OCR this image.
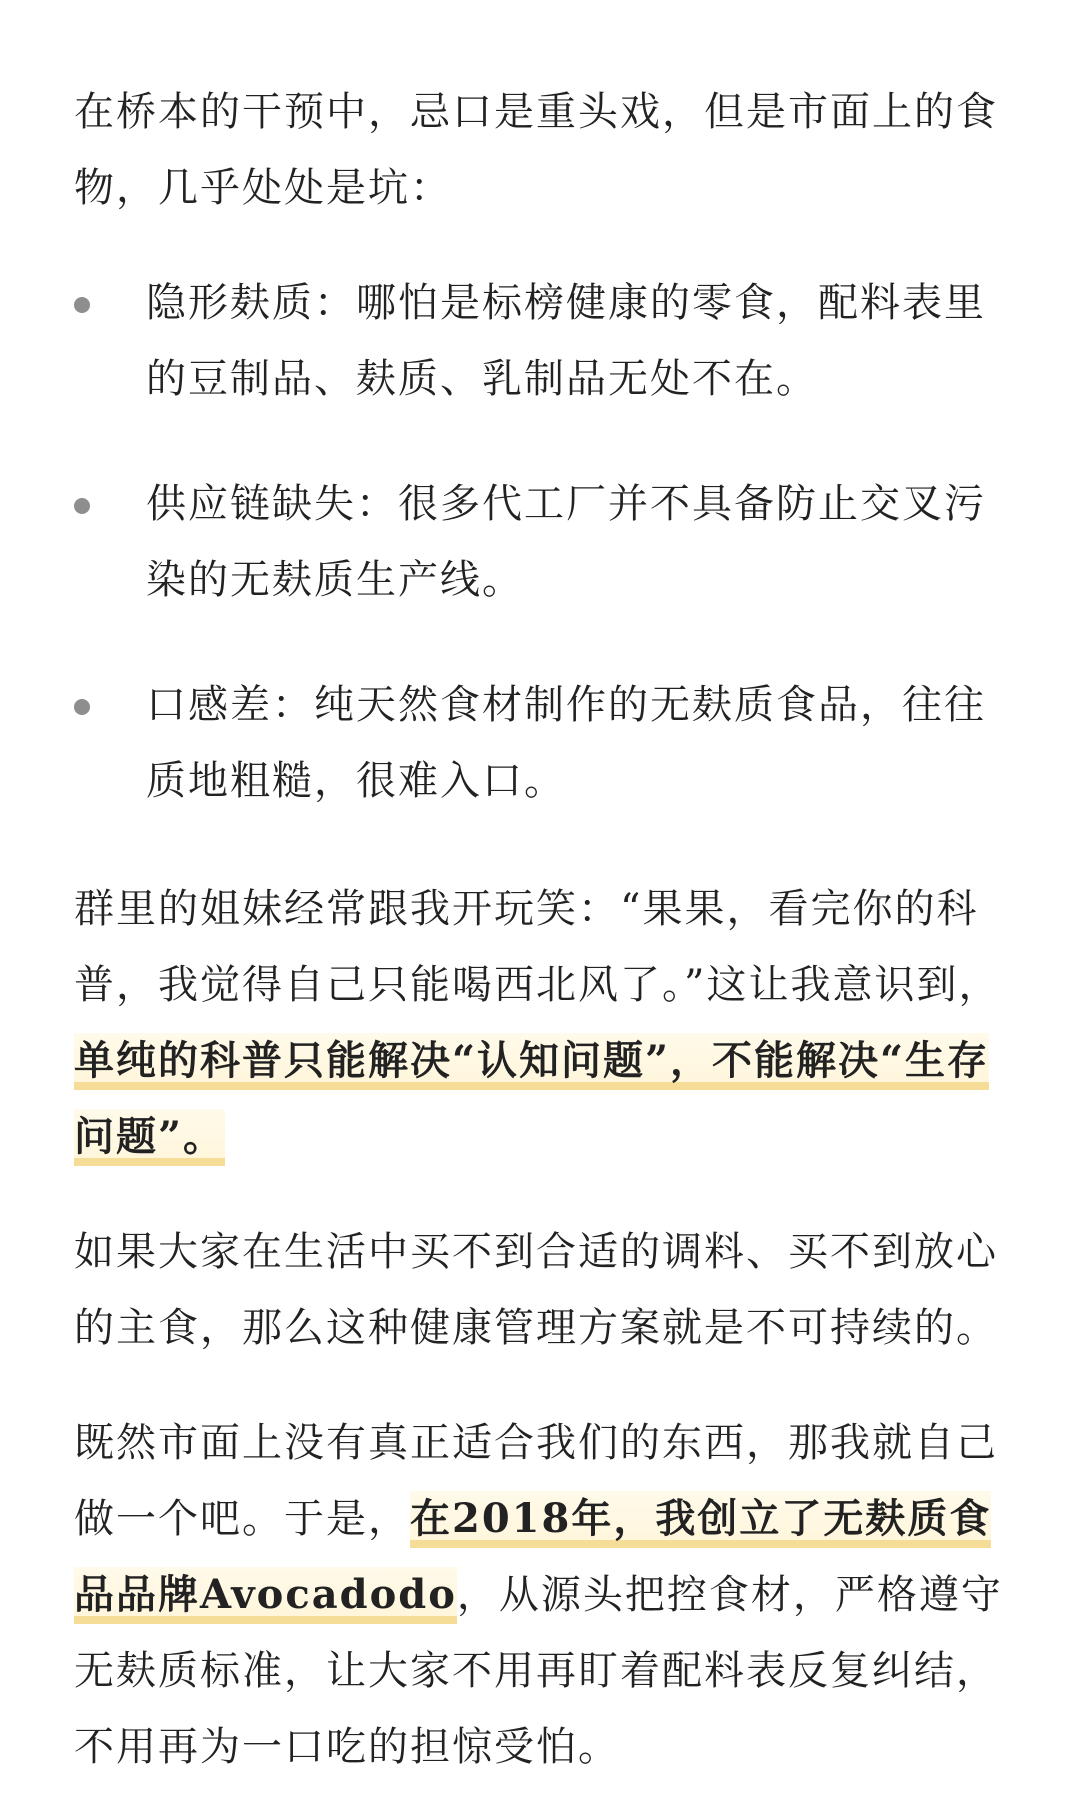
在桥本的干预中，忌口是重头戏，但是市面上的食物，几乎处处是坑：

隐形麸质：哪怕是标榜健康的零食，配料表里的豆制品、麸质、乳制品无处不在。
供应链缺失：很多代工厂并不具备防止交叉污染的无麸质生产线。
口感差：纯天然食材制作的无麸质食品，往往质地粗糙，很难入口。

群里的姐妹经常跟我开玩笑：“果果，看完你的科普，我觉得自己只能喝西北风了。”这让我意识到，单纯的科普只能解决“认知问题”，不能解决“生存问题”。

如果大家在生活中买不到合适的调料、买不到放心的主食，那么这种健康管理方案就是不可持续的。

既然市面上没有真正适合我们的东西，那我就自己做一个吧。于是，在2018年，我创立了无麸质食品品牌Avocadodo，从源头把控食材，严格遵守无麸质标准，让大家不用再盯着配料表反复纠结，不用再为一口吃的担惊受怕。
